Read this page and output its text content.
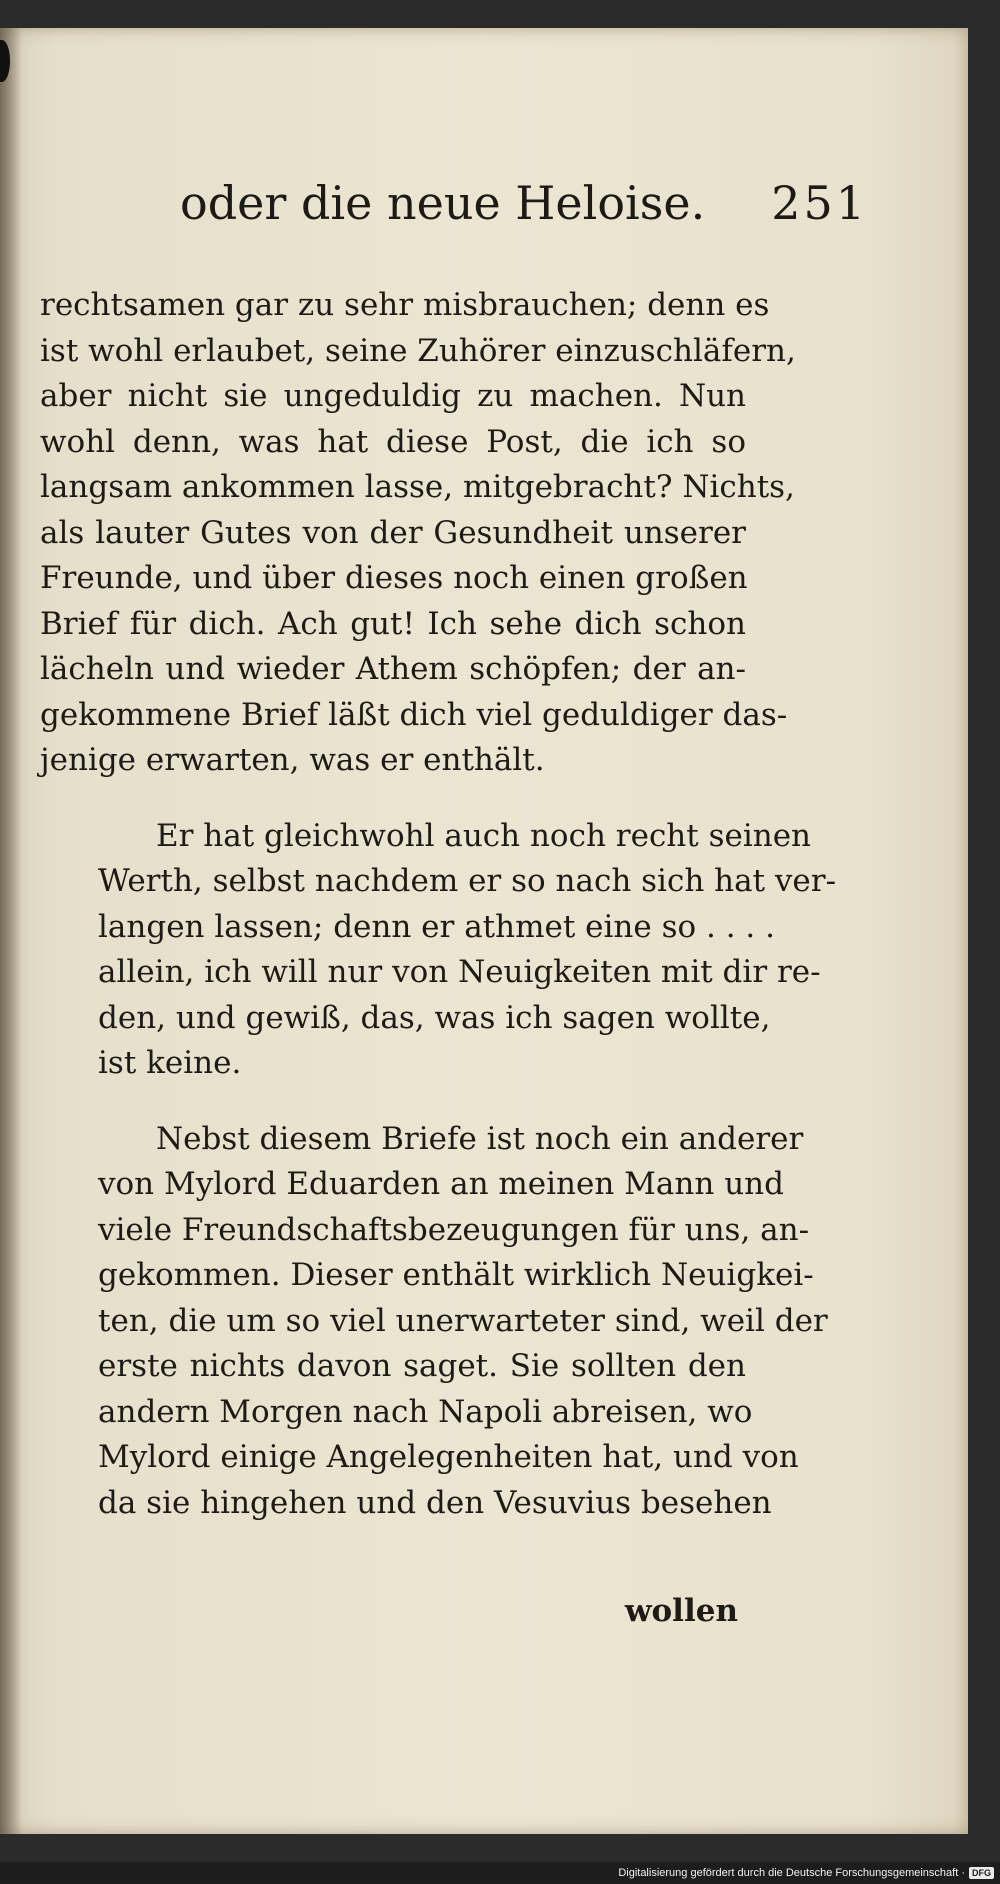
oder die neue Heloise. 251
rechtsamen gar zu sehr misbrauchen; denn es
ist wohl erlaubet, seine Zuhörer einzuschläfern,
aber nicht sie ungeduldig zu machen. Nun
wohl denn, was hat diese Post, die ich so
langsam ankommen lasse, mitgebracht? Nichts,
als lauter Gutes von der Gesundheit unserer
Freunde, und über dieses noch einen großen
Brief für dich. Ach gut! Ich sehe dich schon
lächeln und wieder Athem schöpfen; der an-
gekommene Brief läßt dich viel geduldiger das-
jenige erwarten, was er enthält.
Er hat gleichwohl auch noch recht seinen
Werth, selbst nachdem er so nach sich hat ver-
langen lassen; denn er athmet eine so . . . .
allein, ich will nur von Neuigkeiten mit dir re-
den, und gewiß, das, was ich sagen wollte,
ist keine.
Nebst diesem Briefe ist noch ein anderer
von Mylord Eduarden an meinen Mann und
viele Freundschaftsbezeugungen für uns, an-
gekommen. Dieser enthält wirklich Neuigkei-
ten, die um so viel unerwarteter sind, weil der
erste nichts davon saget. Sie sollten den
andern Morgen nach Napoli abreisen, wo
Mylord einige Angelegenheiten hat, und von
da sie hingehen und den Vesuvius besehen
wollen
Digitalisierung gefördert durch die Deutsche Forschungsgemeinschaft · DFG
